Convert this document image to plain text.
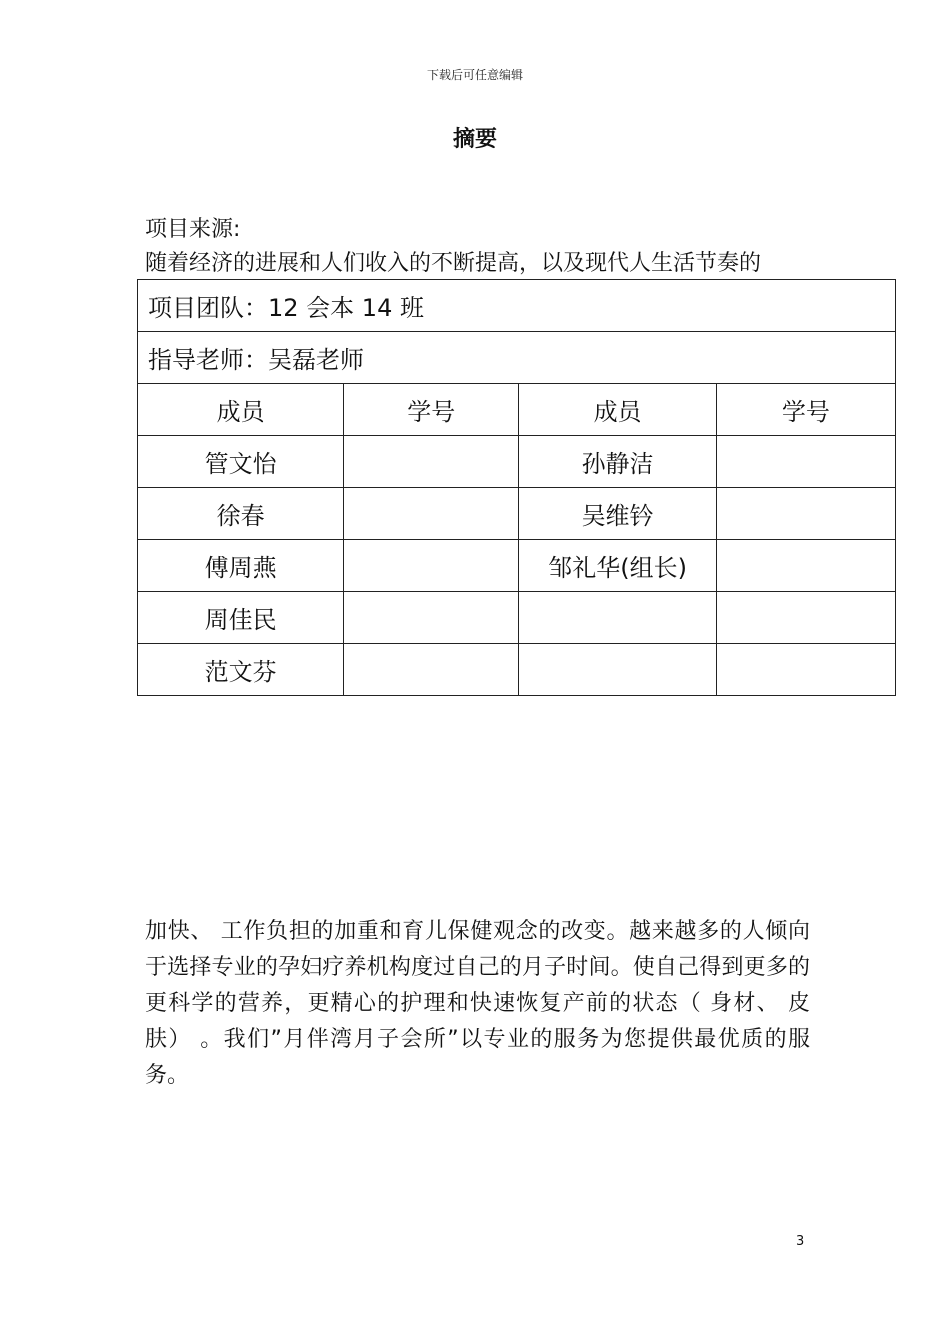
下载后可任意编辑
摘要
项目来源:
随着经济的进展和人们收入的不断提高，以及现代人生活节奏的
项目团队：12 会本 14 班			
指导老师：吴磊老师			
成员	学号	成员	学号
管文怡		孙静洁	
徐春		吴维钤	
傅周燕		邹礼华(组长)	
周佳民			
范文芬			
加快、 工作负担的加重和育儿保健观念的改变。越来越多的人倾向于选择专业的孕妇疗养机构度过自己的月子时间。使自己得到更多的更科学的营养，更精心的护理和快速恢复产前的状态（ 身材、 皮肤） 。我们”月伴湾月子会所”以专业的服务为您提供最优质的服务。
3
